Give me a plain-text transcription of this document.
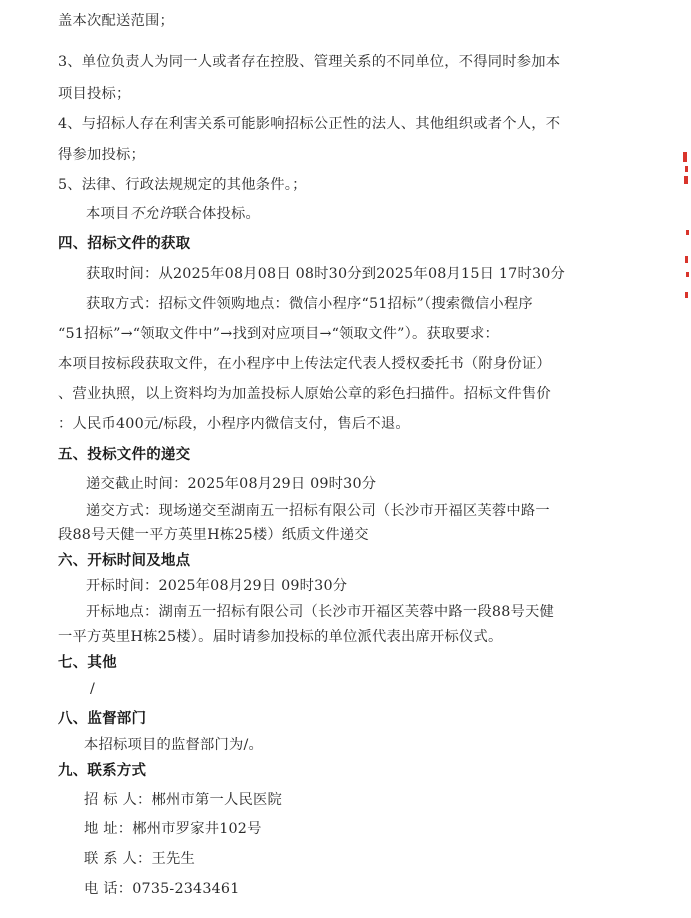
盖本次配送范围；
3、单位负责人为同一人或者存在控股、管理关系的不同单位，不得同时参加本
项目投标；
4、与招标人存在利害关系可能影响招标公正性的法人、其他组织或者个人，不
得参加投标；
5、法律、行政法规规定的其他条件。；
本项目不允许联合体投标。
四、招标文件的获取
获取时间：从2025年08月08日 08时30分到2025年08月15日 17时30分
获取方式：招标文件领购地点：微信小程序“51招标”（搜索微信小程序
“51招标”→“领取文件中”→找到对应项目→“领取文件”）。获取要求：
本项目按标段获取文件，在小程序中上传法定代表人授权委托书（附身份证）
、营业执照，以上资料均为加盖投标人原始公章的彩色扫描件。招标文件售价
：人民币400元/标段，小程序内微信支付，售后不退。
五、投标文件的递交
递交截止时间：2025年08月29日 09时30分
递交方式：现场递交至湖南五一招标有限公司（长沙市开福区芙蓉中路一
段88号天健一平方英里H栋25楼）纸质文件递交
六、开标时间及地点
开标时间：2025年08月29日 09时30分
开标地点：湖南五一招标有限公司（长沙市开福区芙蓉中路一段88号天健
一平方英里H栋25楼）。届时请参加投标的单位派代表出席开标仪式。
七、其他
/
八、监督部门
本招标项目的监督部门为/。
九、联系方式
招 标 人：郴州市第一人民医院
地 址：郴州市罗家井102号
联 系 人：王先生
电 话：0735-2343461
